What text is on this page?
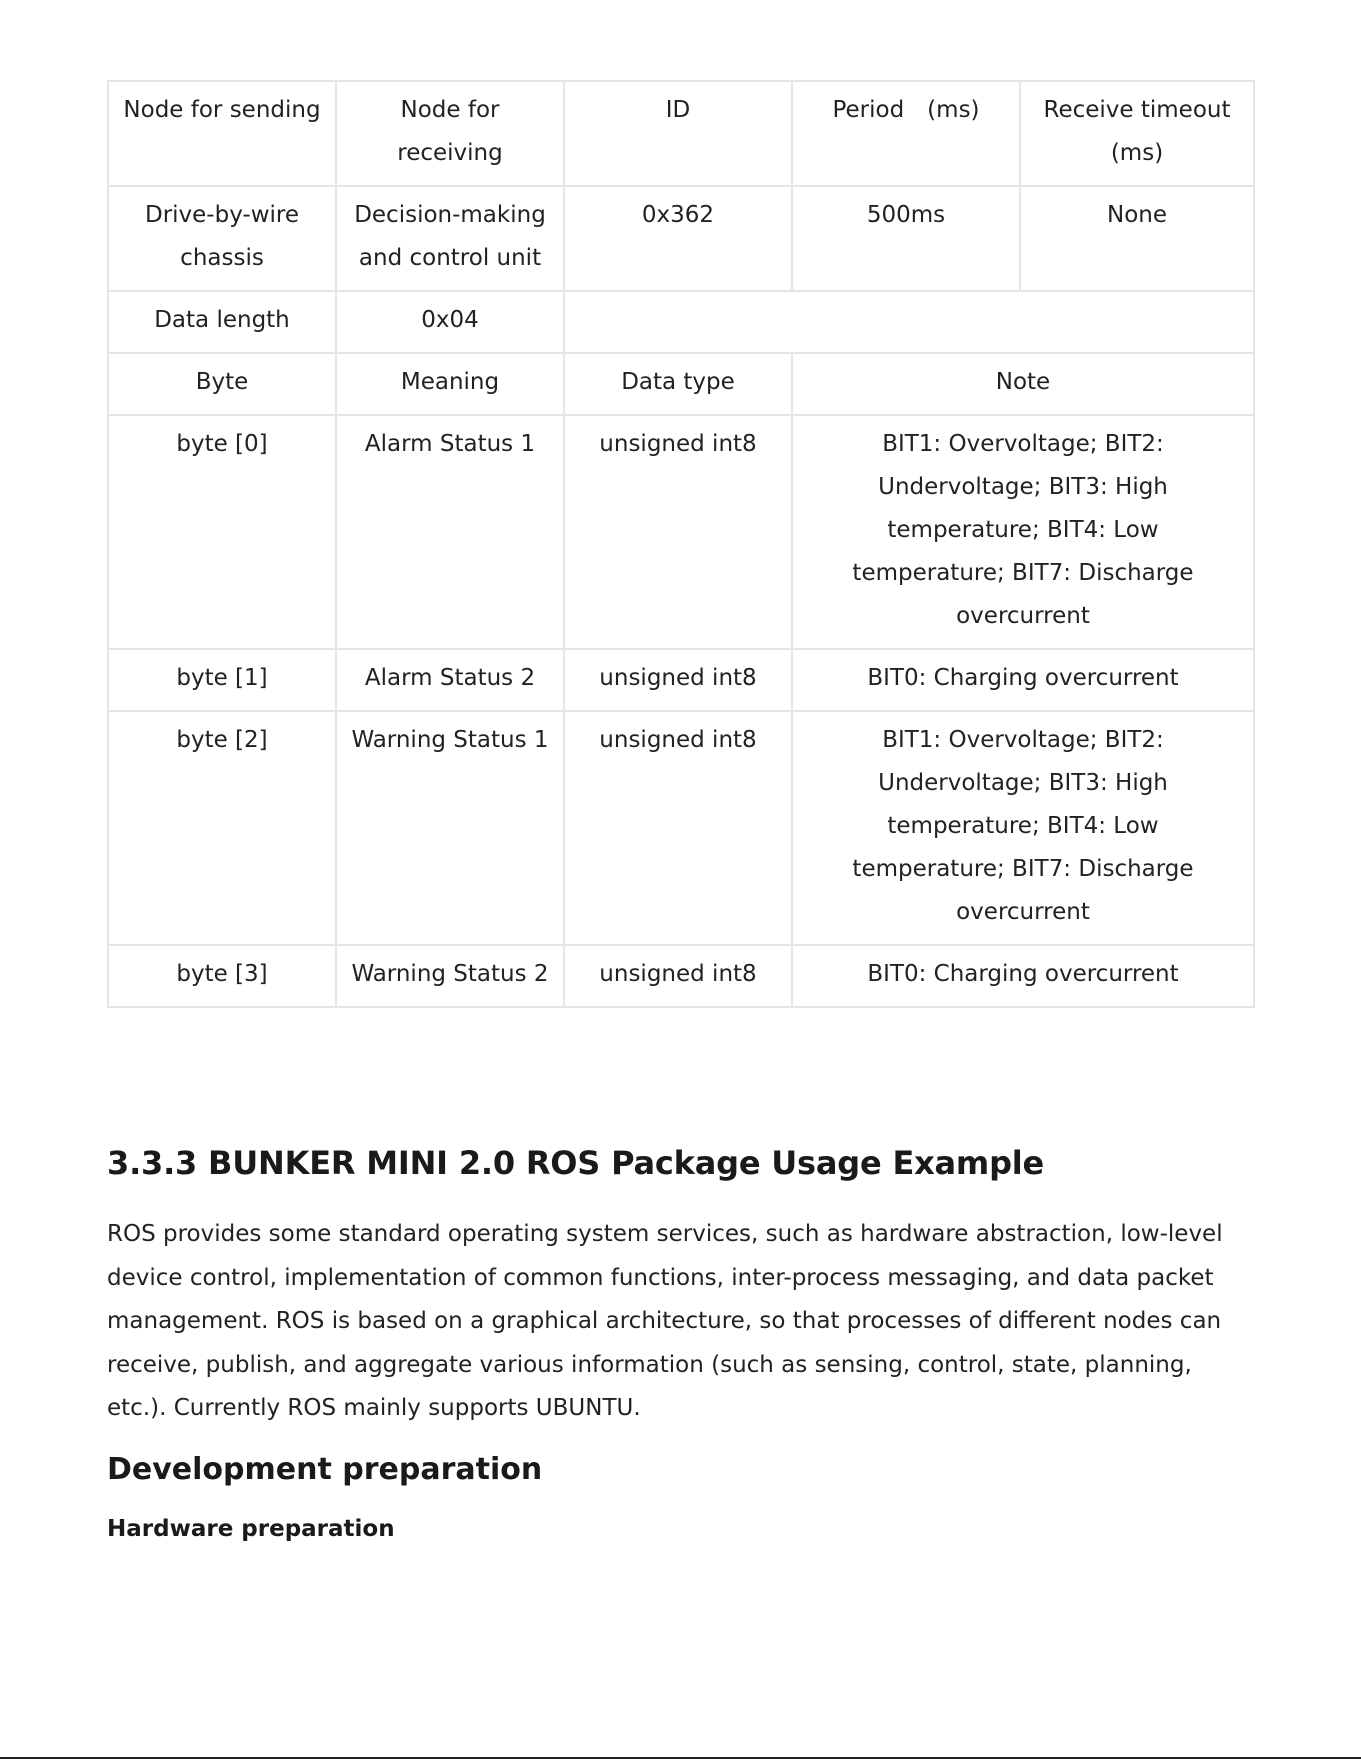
Node for sending	Node for receiving	ID	Period　(ms)	Receive timeout (ms)
Drive-by-wire chassis	Decision-making and control unit	0x362	500ms	None
Data length	0x04			
Byte	Meaning	Data type	Note	
byte [0]	Alarm Status 1	unsigned int8	BIT1: Overvoltage; BIT2: Undervoltage; BIT3: High temperature; BIT4: Low temperature; BIT7: Discharge overcurrent	
byte [1]	Alarm Status 2	unsigned int8	BIT0: Charging overcurrent	
byte [2]	Warning Status 1	unsigned int8	BIT1: Overvoltage; BIT2: Undervoltage; BIT3: High temperature; BIT4: Low temperature; BIT7: Discharge overcurrent	
byte [3]	Warning Status 2	unsigned int8	BIT0: Charging overcurrent	
3.3.3 BUNKER MINI 2.0 ROS Package Usage Example

ROS provides some standard operating system services, such as hardware abstraction, low-level device control, implementation of common functions, inter-process messaging, and data packet management. ROS is based on a graphical architecture, so that processes of different nodes can receive, publish, and aggregate various information (such as sensing, control, state, planning, etc.). Currently ROS mainly supports UBUNTU.

Development preparation
Hardware preparation
